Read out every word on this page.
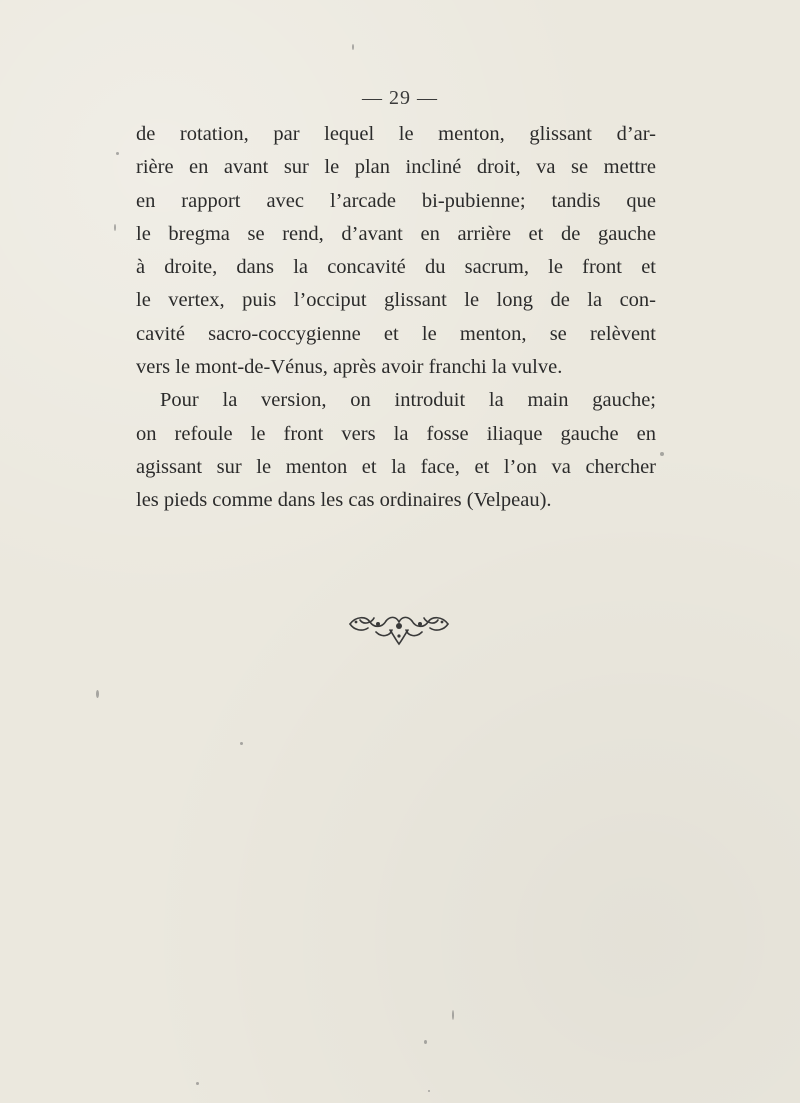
— 29 —
de rotation, par lequel le menton, glissant d’ar-
rière en avant sur le plan incliné droit, va se mettre
en rapport avec l’arcade bi-pubienne; tandis que
le bregma se rend, d’avant en arrière et de gauche
à droite, dans la concavité du sacrum, le front et
le vertex, puis l’occiput glissant le long de la con-
cavité sacro-coccygienne et le menton, se relèvent
vers le mont-de-Vénus, après avoir franchi la vulve.
Pour la version, on introduit la main gauche;
on refoule le front vers la fosse iliaque gauche en
agissant sur le menton et la face, et l’on va chercher
les pieds comme dans les cas ordinaires (Velpeau).
